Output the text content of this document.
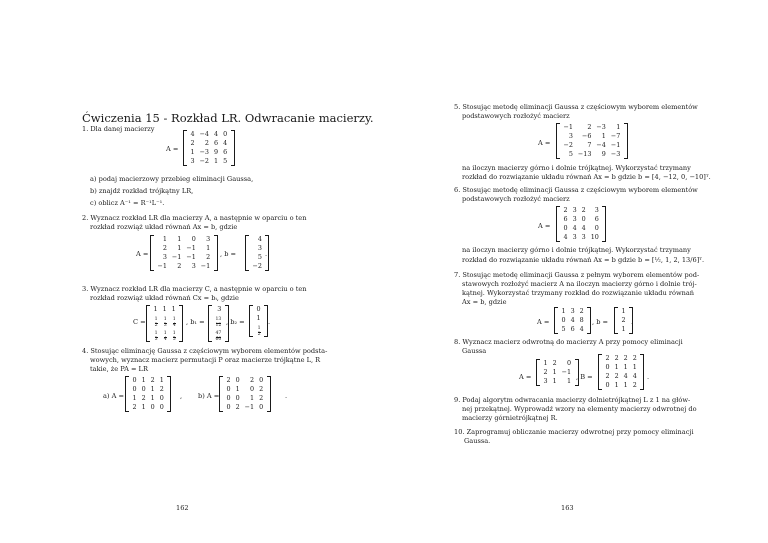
Ćwiczenia 15 - Rozkład LR. Odwracanie macierzy.
1. Dla danej macierzy
A =
4	−4	4	0
2	2	6	4
1	−3	9	6
3	−2	1	5
a) podaj macierzowy przebieg eliminacji Gaussa,
b) znajdź rozkład trójkątny LR,
c) oblicz A⁻¹ = R⁻¹L⁻¹.
2. Wyznacz rozkład LR dla macierzy A, a następnie w oparciu o ten
rozkład rozwiąż układ równań Ax = b, gdzie
A =
1	1	0	3
2	1	−1	1
3	−1	−1	2
−1	2	3	−1
, b =
4
3
5
−2
.
3. Wyznacz rozkład LR dla macierzy C, a następnie w oparciu o ten
rozkład rozwiąż układ równań Cx = bᵢ, gdzie
C =
1	1	1

$\frac{1}{2}$	$\frac{1}{3}$	$\frac{1}{4}$

$\frac{1}{3}$	$\frac{1}{4}$	$\frac{1}{5}$
, b₁ =
3

$\frac{13}{12}$

$\frac{47}{60}$
, b₂ =
0
1

$\frac{1}{2}$
.
4. Stosując eliminację Gaussa z częściowym wyborem elementów podsta-
wowych, wyznacz macierz permutacji P oraz macierze trójkątne L, R
takie, że PA = LR
a) A =
0	1	2	1
0	0	1	2
1	2	1	0
2	1	0	0
, b) A =
2	0	2	0
0	1	0	2
0	0	1	2
0	2	−1	0
.
162
5. Stosując metodę eliminacji Gaussa z częściowym wyborem elementów
podstawowych rozłożyć macierz
A =
−1	2	−3	1
3	−6	1	−7
−2	7	−4	−1
5	−13	9	−3
na iloczyn macierzy górno i dolnie trójkątnej. Wykorzystać trzymany
rozkład do rozwiązanie układu równań Ax = b gdzie b = [4, −12, 0, −10]ᵀ.
6. Stosując metodę eliminacji Gaussa z częściowym wyborem elementów
podstawowych rozłożyć macierz
A =
2	3	2	3
6	3	0	6
0	4	4	0
4	3	3	10
na iloczyn macierzy górno i dolnie trójkątnej. Wykorzystać trzymany
rozkład do rozwiązanie układu równań Ax = b gdzie b = [½, 1, 2, 13/6]ᵀ.
7. Stosując metodę eliminacji Gaussa z pełnym wyborem elementów pod-
stawowych rozłożyć macierz A na iloczyn macierzy górno i dolnie trój-
kątnej. Wykorzystać trzymany rozkład do rozwiązanie układu równań
Ax = b, gdzie
A =
1	3	2
0	4	8
5	6	4
, b =
1
2
1
.
8. Wyznacz macierz odwrotną do macierzy A przy pomocy eliminacji
Gaussa
A =
1	2	0
2	1	−1
3	1	1 , B =
2	2	2	2
0	1	1	1
2	2	4	4
0	1	1	2
.
9. Podaj algorytm odwracania macierzy dolnietrójkątnej L z 1 na głów-
nej przekątnej. Wyprowadź wzory na elementy macierzy odwrotnej do
macierzy górnietrójkątnej R.
10. Zaprogramuj obliczanie macierzy odwrotnej przy pomocy eliminacji
Gaussa.
163
